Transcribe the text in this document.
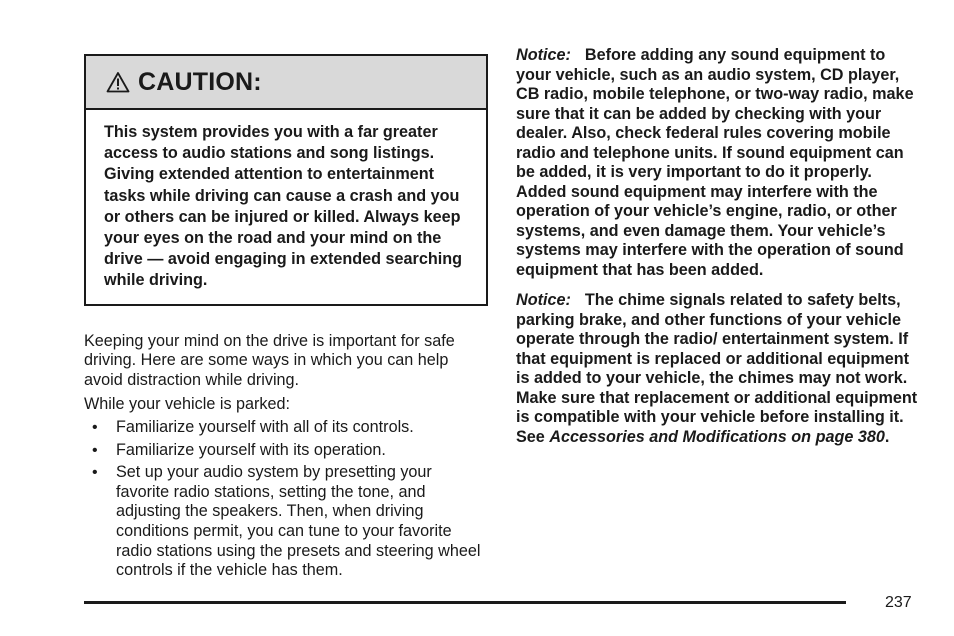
CAUTION:
This system provides you with a far greater access to audio stations and song listings. Giving extended attention to entertainment tasks while driving can cause a crash and you or others can be injured or killed. Always keep your eyes on the road and your mind on the drive — avoid engaging in extended searching while driving.

Keeping your mind on the drive is important for safe driving. Here are some ways in which you can help avoid distraction while driving.

While your vehicle is parked:

• Familiarize yourself with all of its controls.
• Familiarize yourself with its operation.
• Set up your audio system by presetting your favorite radio stations, setting the tone, and adjusting the speakers. Then, when driving conditions permit, you can tune to your favorite radio stations using the presets and steering wheel controls if the vehicle has them.

Notice: Before adding any sound equipment to your vehicle, such as an audio system, CD player, CB radio, mobile telephone, or two-way radio, make sure that it can be added by checking with your dealer. Also, check federal rules covering mobile radio and telephone units. If sound equipment can be added, it is very important to do it properly. Added sound equipment may interfere with the operation of your vehicle’s engine, radio, or other systems, and even damage them. Your vehicle’s systems may interfere with the operation of sound equipment that has been added.

Notice: The chime signals related to safety belts, parking brake, and other functions of your vehicle operate through the radio/ entertainment system. If that equipment is replaced or additional equipment is added to your vehicle, the chimes may not work. Make sure that replacement or additional equipment is compatible with your vehicle before installing it. See Accessories and Modifications on page 380.

237
